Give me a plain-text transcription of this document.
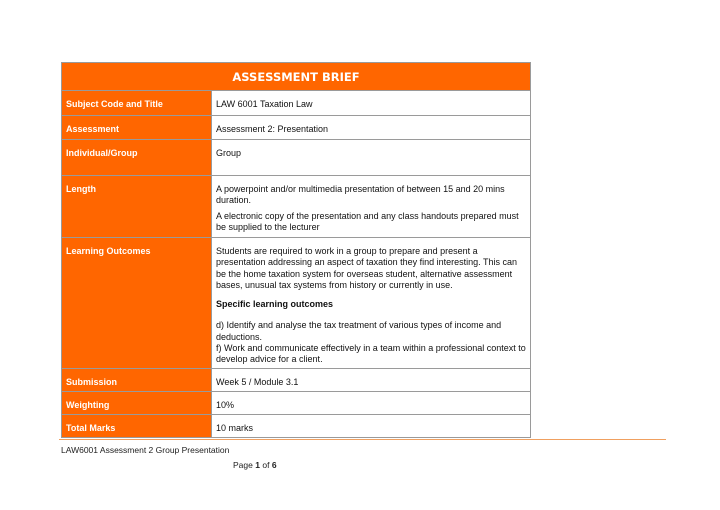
ASSESSMENT BRIEF
Subject Code and Title	LAW 6001 Taxation Law
Assessment	Assessment 2: Presentation
Individual/Group	Group
Length	A powerpoint and/or multimedia presentation of between 15 and 20 mins duration.

A electronic copy of the presentation and any class handouts prepared must be supplied to the lecturer

Learning Outcomes	Students are required to work in a group to prepare and present a presentation addressing an aspect of taxation they find interesting. This can be the home taxation system for overseas student, alternative assessment bases, unusual tax systems from history or currently in use.

Specific learning outcomes

d) Identify and analyse the tax treatment of various types of income and deductions.

f) Work and communicate effectively in a team within a professional context to develop advice for a client.

Submission	Week 5 / Module 3.1
Weighting	10%
Total Marks	10 marks
LAW6001 Assessment 2 Group Presentation
Page 1 of 6
